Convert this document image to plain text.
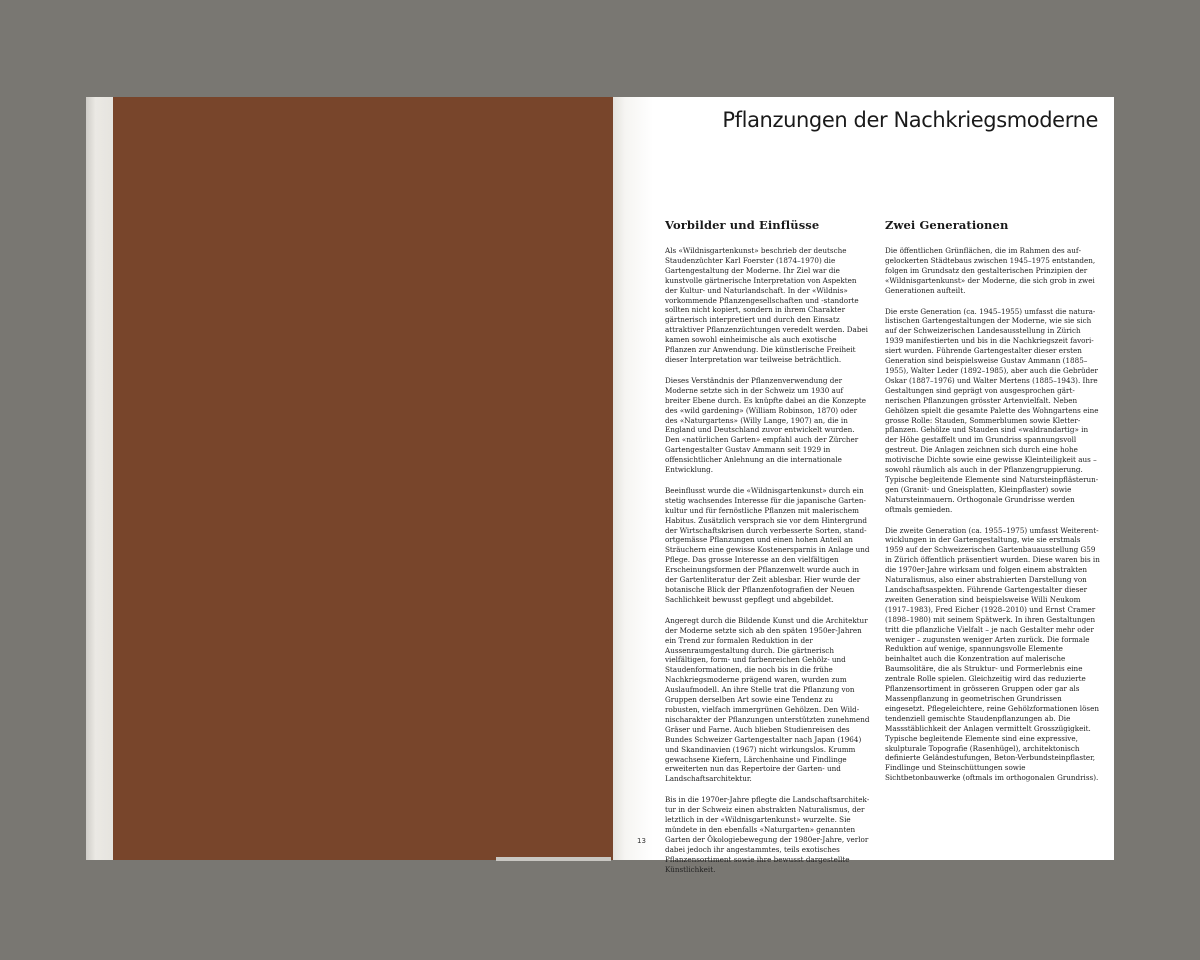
Pflanzungen der Nachkriegsmoderne
Vorbilder und Einflüsse

Als «Wildnisgartenkunst» beschrieb der deutsche Staudenzüchter Karl Foerster (1874–1970) die Gartengestaltung der Moderne. Ihr Ziel war die kunstvolle gärtnerische Interpretation von Aspekten der Kultur- und Naturlandschaft. In der «Wildnis» vorkommende Pflanzengesellschaften und -standorte sollten nicht kopiert, sondern in ihrem Charakter gärtnerisch interpretiert und durch den Einsatz attraktiver Pflanzenzüchtungen veredelt werden. Dabei kamen sowohl einheimische als auch exotische Pflanzen zur Anwendung. Die künstlerische Freiheit dieser Interpretation war teilweise beträchtlich.

Dieses Verständnis der Pflanzenverwendung der Moderne setzte sich in der Schweiz um 1930 auf breiter Ebene durch. Es knüpfte dabei an die Konzepte des «wild gardening» (William Robinson, 1870) oder des «Naturgartens» (Willy Lange, 1907) an, die in England und Deutschland zuvor entwickelt wurden. Den «natürlichen Garten» empfahl auch der Zürcher Gartengestalter Gustav Ammann seit 1929 in offensichtlicher Anlehnung an die internationale Entwicklung.

Beeinflusst wurde die «Wildnisgartenkunst» durch ein stetig wachsendes Interesse für die japanische Gartenkultur und für fernöstliche Pflanzen mit malerischem Habitus. Zusätzlich versprach sie vor dem Hintergrund der Wirtschaftskrisen durch verbesserte Sorten, standortgemässe Pflanzungen und einen hohen Anteil an Sträuchern eine gewisse Kostenersparnis in Anlage und Pflege. Das grosse Interesse an den vielfältigen Erscheinungsformen der Pflanzenwelt wurde auch in der Gartenliteratur der Zeit ablesbar. Hier wurde der botanische Blick der Pflanzenfotografien der Neuen Sachlichkeit bewusst gepflegt und abgebildet.

Angeregt durch die Bildende Kunst und die Architektur der Moderne setzte sich ab den späten 1950er-Jahren ein Trend zur formalen Reduktion in der Aussenraumgestaltung durch. Die gärtnerisch vielfältigen, form- und farbenreichen Gehölz- und Staudenformationen, die noch bis in die frühe Nachkriegsmoderne prägend waren, wurden zum Auslaufmodell. An ihre Stelle trat die Pflanzung von Gruppen derselben Art sowie eine Tendenz zu robusten, vielfach immergrünen Gehölzen. Den Wildnischarakter der Pflanzungen unterstützten zunehmend Gräser und Farne. Auch blieben Studienreisen des Bundes Schweizer Gartengestalter nach Japan (1964) und Skandinavien (1967) nicht wirkungslos. Krumm gewachsene Kiefern, Lärchenhaine und Findlinge erweiterten nun das Repertoire der Garten- und Landschaftsarchitektur.

Bis in die 1970er-Jahre pflegte die Landschaftsarchitektur in der Schweiz einen abstrakten Naturalismus, der letztlich in der «Wildnisgartenkunst» wurzelte. Sie mündete in den ebenfalls «Naturgarten» genannten Garten der Ökologiebewegung der 1980er-Jahre, verlor dabei jedoch ihr angestammtes, teils exotisches Pflanzensortiment sowie ihre bewusst dargestellte Künstlichkeit.

Zwei Generationen

Die öffentlichen Grünflächen, die im Rahmen des aufgelockerten Städtebaus zwischen 1945–1975 entstanden, folgen im Grundsatz den gestalterischen Prinzipien der «Wildnisgartenkunst» der Moderne, die sich grob in zwei Generationen aufteilt.

Die erste Generation (ca. 1945–1955) umfasst die naturalistischen Gartengestaltungen der Moderne, wie sie sich auf der Schweizerischen Landesausstellung in Zürich 1939 manifestierten und bis in die Nachkriegszeit favorisiert wurden. Führende Gartengestalter dieser ersten Generation sind beispielsweise Gustav Ammann (1885–1955), Walter Leder (1892–1985), aber auch die Gebrüder Oskar (1887–1976) und Walter Mertens (1885–1943). Ihre Gestaltungen sind geprägt von ausgesprochen gärtnerischen Pflanzungen grösster Artenvielfalt. Neben Gehölzen spielt die gesamte Palette des Wohngartens eine grosse Rolle: Stauden, Sommerblumen sowie Kletterpflanzen. Gehölze und Stauden sind «waldrandartig» in der Höhe gestaffelt und im Grundriss spannungsvoll gestreut. Die Anlagen zeichnen sich durch eine hohe motivische Dichte sowie eine gewisse Kleinteiligkeit aus – sowohl räumlich als auch in der Pflanzengruppierung. Typische begleitende Elemente sind Natursteinpflästerungen (Granit- und Gneisplatten, Kleinpflaster) sowie Natursteinmauern. Orthogonale Grundrisse werden oftmals gemieden.

Die zweite Generation (ca. 1955–1975) umfasst Weiterentwicklungen in der Gartengestaltung, wie sie erstmals 1959 auf der Schweizerischen Gartenbauausstellung G59 in Zürich öffentlich präsentiert wurden. Diese waren bis in die 1970er-Jahre wirksam und folgen einem abstrakten Naturalismus, also einer abstrahierten Darstellung von Landschaftsaspekten. Führende Gartengestalter dieser zweiten Generation sind beispielsweise Willi Neukom (1917–1983), Fred Eicher (1928–2010) und Ernst Cramer (1898–1980) mit seinem Spätwerk. In ihren Gestaltungen tritt die pflanzliche Vielfalt – je nach Gestalter mehr oder weniger – zugunsten weniger Arten zurück. Die formale Reduktion auf wenige, spannungsvolle Elemente beinhaltet auch die Konzentration auf malerische Baumsolitäre, die als Struktur- und Formerlebnis eine zentrale Rolle spielen. Gleichzeitig wird das reduzierte Pflanzensortiment in grösseren Gruppen oder gar als Massenpflanzung in geometrischen Grundrissen eingesetzt. Pflegeleichtere, reine Gehölzformationen lösen tendenziell gemischte Staudenpflanzungen ab. Die Massstäblichkeit der Anlagen vermittelt Grosszügigkeit. Typische begleitende Elemente sind eine expressive, skulpturale Topografie (Rasenhügel), architektonisch definierte Geländestufungen, Beton-Verbundsteinpflaster, Findlinge und Steinschüttungen sowie Sichtbetonbauwerke (oftmals im orthogonalen Grundriss).

13
